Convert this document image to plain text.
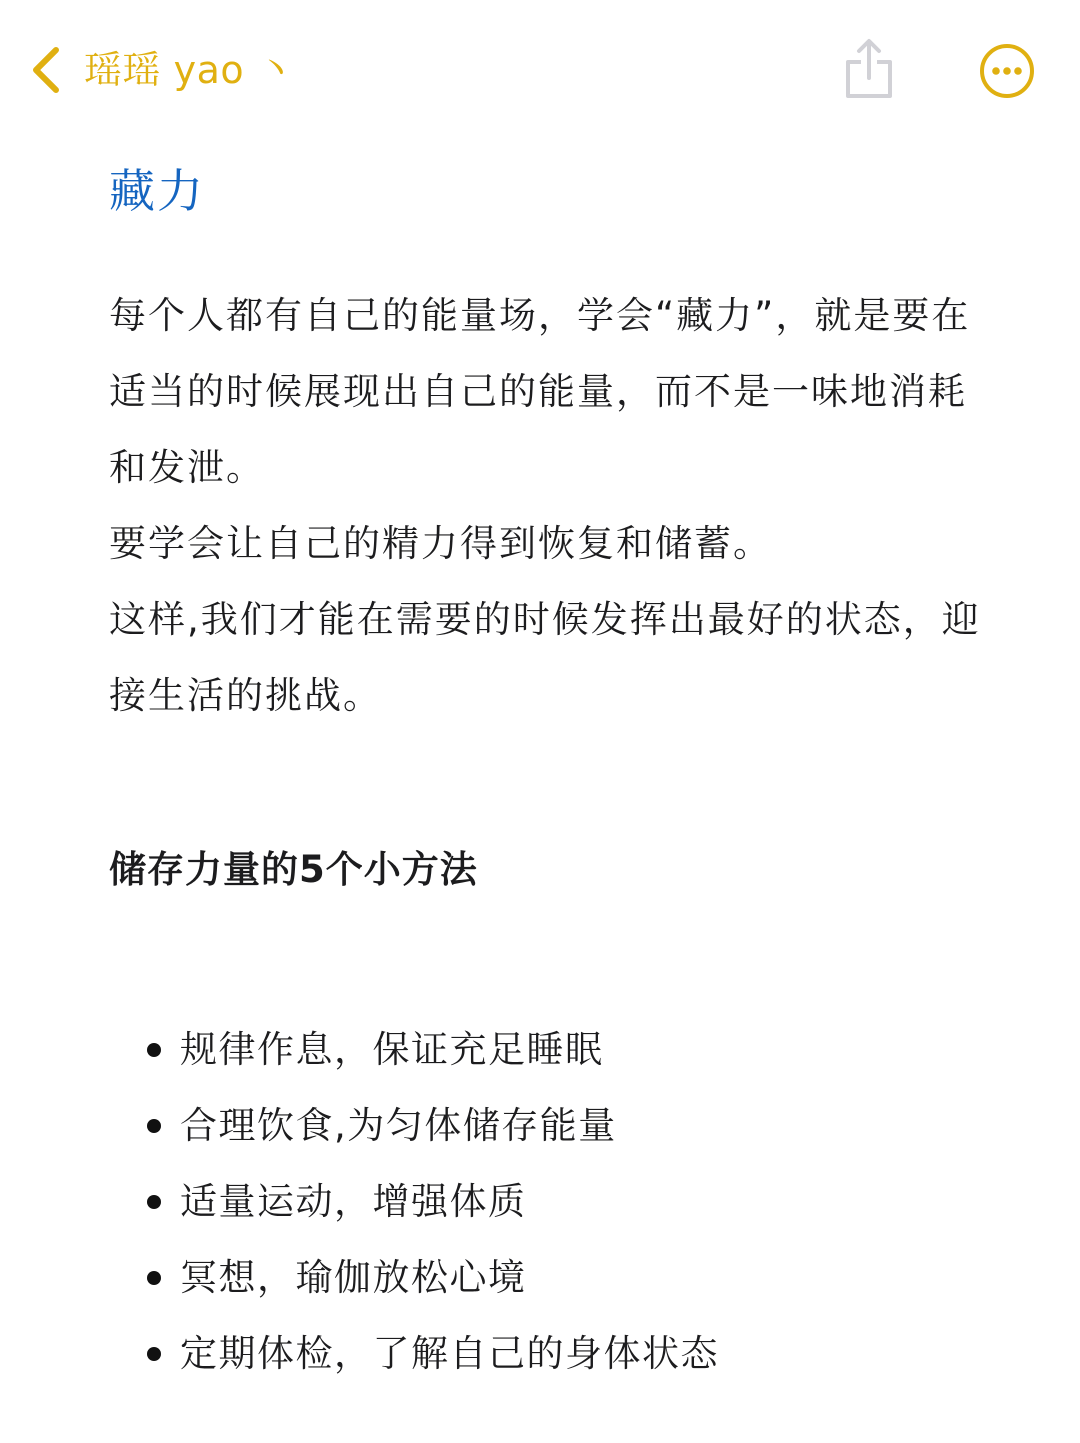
瑶瑶 yao 丶
藏力

每个人都有自己的能量场，学会“藏力”，就是要在适当的时候展现出自己的能量，而不是一味地消耗和发泄。

要学会让自己的精力得到恢复和储蓄。

这样,我们才能在需要的时候发挥出最好的状态，迎接生活的挑战。

储存力量的5个小方法
规律作息，保证充足睡眠
合理饮食,为匀体储存能量
适量运动，增强体质
冥想，瑜伽放松心境
定期体检，了解自己的身体状态
